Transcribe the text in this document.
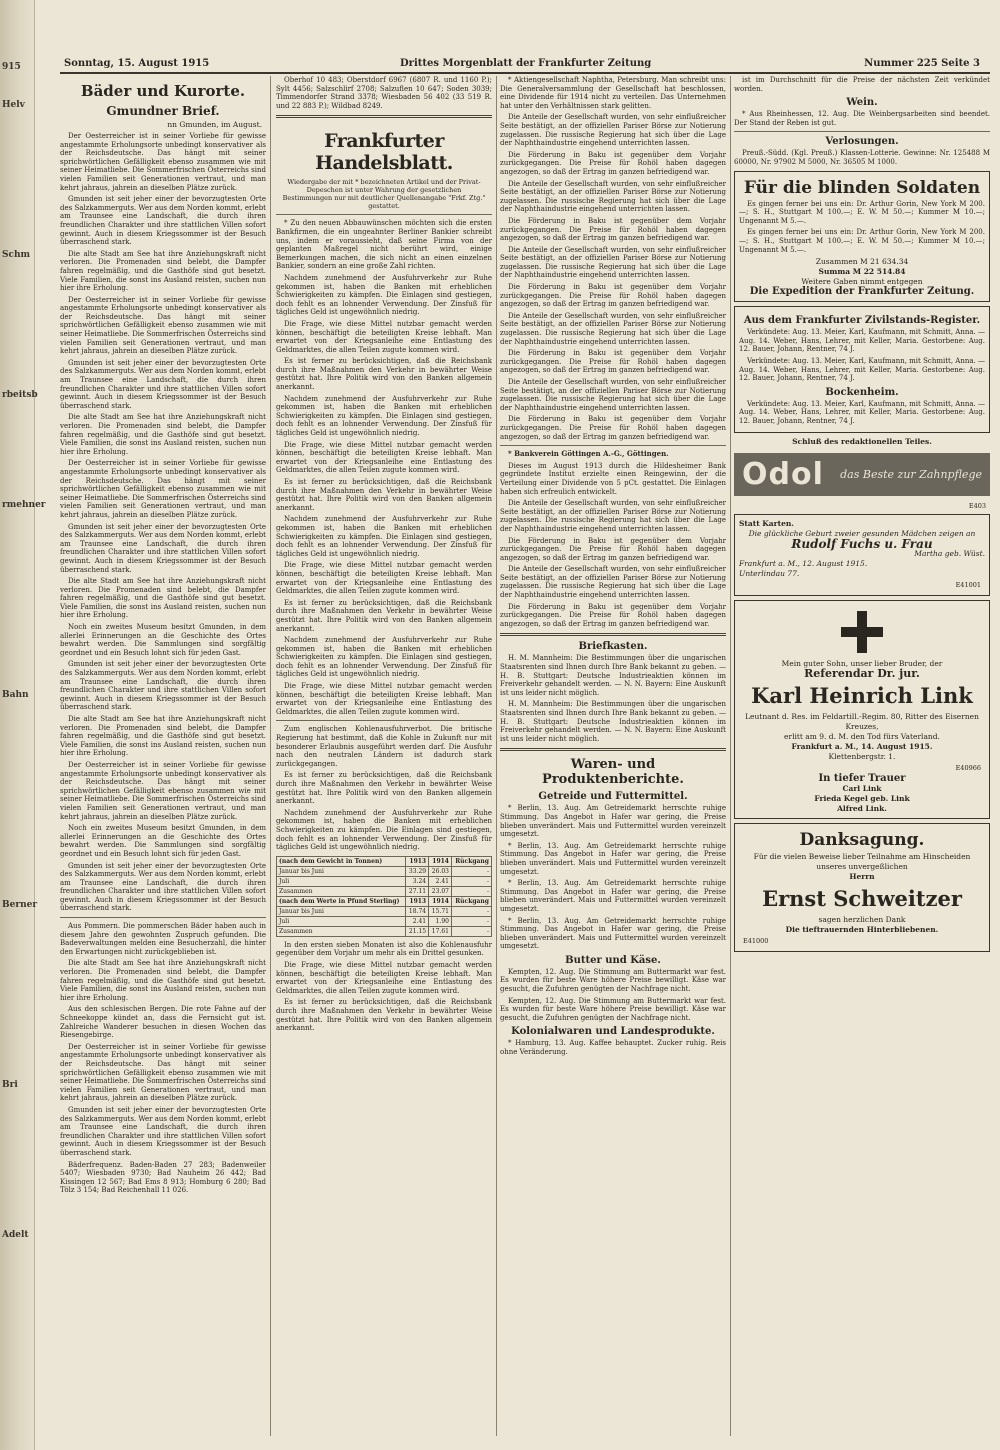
915
Helv
Schm
rbeitsb
rmehner
Bahn
Berner
Bri
Adelt
Sonntag, 15. August 1915	Drittes Morgenblatt der Frankfurter Zeitung	Nummer 225 Seite 3
Bäder und Kurorte.
Gmundner Brief.
nn Gmunden, im August.

Der Oesterreicher ist in seiner Vorliebe für gewisse angestammte Erholungsorte unbedingt konservativer als der Reichsdeutsche. Das hängt mit seiner sprichwörtlichen Gefälligkeit ebenso zusammen wie mit seiner Heimatliebe. Die Sommerfrischen Österreichs sind vielen Familien seit Generationen vertraut, und man kehrt jahraus, jahrein an dieselben Plätze zurück.

Gmunden ist seit jeher einer der bevorzugtesten Orte des Salzkammerguts. Wer aus dem Norden kommt, erlebt am Traunsee eine Landschaft, die durch ihren freundlichen Charakter und ihre stattlichen Villen sofort gewinnt. Auch in diesem Kriegssommer ist der Besuch überraschend stark.

Die alte Stadt am See hat ihre Anziehungskraft nicht verloren. Die Promenaden sind belebt, die Dampfer fahren regelmäßig, und die Gasthöfe sind gut besetzt. Viele Familien, die sonst ins Ausland reisten, suchen nun hier ihre Erholung.

Der Oesterreicher ist in seiner Vorliebe für gewisse angestammte Erholungsorte unbedingt konservativer als der Reichsdeutsche. Das hängt mit seiner sprichwörtlichen Gefälligkeit ebenso zusammen wie mit seiner Heimatliebe. Die Sommerfrischen Österreichs sind vielen Familien seit Generationen vertraut, und man kehrt jahraus, jahrein an dieselben Plätze zurück.

Gmunden ist seit jeher einer der bevorzugtesten Orte des Salzkammerguts. Wer aus dem Norden kommt, erlebt am Traunsee eine Landschaft, die durch ihren freundlichen Charakter und ihre stattlichen Villen sofort gewinnt. Auch in diesem Kriegssommer ist der Besuch überraschend stark.

Die alte Stadt am See hat ihre Anziehungskraft nicht verloren. Die Promenaden sind belebt, die Dampfer fahren regelmäßig, und die Gasthöfe sind gut besetzt. Viele Familien, die sonst ins Ausland reisten, suchen nun hier ihre Erholung.

Der Oesterreicher ist in seiner Vorliebe für gewisse angestammte Erholungsorte unbedingt konservativer als der Reichsdeutsche. Das hängt mit seiner sprichwörtlichen Gefälligkeit ebenso zusammen wie mit seiner Heimatliebe. Die Sommerfrischen Österreichs sind vielen Familien seit Generationen vertraut, und man kehrt jahraus, jahrein an dieselben Plätze zurück.

Gmunden ist seit jeher einer der bevorzugtesten Orte des Salzkammerguts. Wer aus dem Norden kommt, erlebt am Traunsee eine Landschaft, die durch ihren freundlichen Charakter und ihre stattlichen Villen sofort gewinnt. Auch in diesem Kriegssommer ist der Besuch überraschend stark.

Die alte Stadt am See hat ihre Anziehungskraft nicht verloren. Die Promenaden sind belebt, die Dampfer fahren regelmäßig, und die Gasthöfe sind gut besetzt. Viele Familien, die sonst ins Ausland reisten, suchen nun hier ihre Erholung.

Noch ein zweites Museum besitzt Gmunden, in dem allerlei Erinnerungen an die Geschichte des Ortes bewahrt werden. Die Sammlungen sind sorgfältig geordnet und ein Besuch lohnt sich für jeden Gast.

Gmunden ist seit jeher einer der bevorzugtesten Orte des Salzkammerguts. Wer aus dem Norden kommt, erlebt am Traunsee eine Landschaft, die durch ihren freundlichen Charakter und ihre stattlichen Villen sofort gewinnt. Auch in diesem Kriegssommer ist der Besuch überraschend stark.

Die alte Stadt am See hat ihre Anziehungskraft nicht verloren. Die Promenaden sind belebt, die Dampfer fahren regelmäßig, und die Gasthöfe sind gut besetzt. Viele Familien, die sonst ins Ausland reisten, suchen nun hier ihre Erholung.

Der Oesterreicher ist in seiner Vorliebe für gewisse angestammte Erholungsorte unbedingt konservativer als der Reichsdeutsche. Das hängt mit seiner sprichwörtlichen Gefälligkeit ebenso zusammen wie mit seiner Heimatliebe. Die Sommerfrischen Österreichs sind vielen Familien seit Generationen vertraut, und man kehrt jahraus, jahrein an dieselben Plätze zurück.

Noch ein zweites Museum besitzt Gmunden, in dem allerlei Erinnerungen an die Geschichte des Ortes bewahrt werden. Die Sammlungen sind sorgfältig geordnet und ein Besuch lohnt sich für jeden Gast.

Gmunden ist seit jeher einer der bevorzugtesten Orte des Salzkammerguts. Wer aus dem Norden kommt, erlebt am Traunsee eine Landschaft, die durch ihren freundlichen Charakter und ihre stattlichen Villen sofort gewinnt. Auch in diesem Kriegssommer ist der Besuch überraschend stark.

Aus Pommern. Die pommerschen Bäder haben auch in diesem Jahre den gewohnten Zuspruch gefunden. Die Badeverwaltungen melden eine Besucherzahl, die hinter den Erwartungen nicht zurückgeblieben ist.

Die alte Stadt am See hat ihre Anziehungskraft nicht verloren. Die Promenaden sind belebt, die Dampfer fahren regelmäßig, und die Gasthöfe sind gut besetzt. Viele Familien, die sonst ins Ausland reisten, suchen nun hier ihre Erholung.

Aus den schlesischen Bergen. Die rote Fahne auf der Schneekoppe kündet an, dass die Fernsicht gut ist. Zahlreiche Wanderer besuchen in diesen Wochen das Riesengebirge.

Der Oesterreicher ist in seiner Vorliebe für gewisse angestammte Erholungsorte unbedingt konservativer als der Reichsdeutsche. Das hängt mit seiner sprichwörtlichen Gefälligkeit ebenso zusammen wie mit seiner Heimatliebe. Die Sommerfrischen Österreichs sind vielen Familien seit Generationen vertraut, und man kehrt jahraus, jahrein an dieselben Plätze zurück.

Gmunden ist seit jeher einer der bevorzugtesten Orte des Salzkammerguts. Wer aus dem Norden kommt, erlebt am Traunsee eine Landschaft, die durch ihren freundlichen Charakter und ihre stattlichen Villen sofort gewinnt. Auch in diesem Kriegssommer ist der Besuch überraschend stark.

Bäderfrequenz. Baden-Baden 27 283; Badenweiler 5407; Wiesbaden 9730; Bad Nauheim 26 442; Bad Kissingen 12 567; Bad Ems 8 913; Homburg 6 280; Bad Tölz 3 154; Bad Reichenhall 11 026.

Oberhof 10 483; Oberstdorf 6967 (6807 R. und 1160 P.); Sylt 4456; Salzschlirf 2708; Salzuflen 10 647; Soden 3039; Timmendorfer Strand 3378; Wiesbaden 56 402 (33 519 R. und 22 883 P.); Wildbad 8249.

Frankfurter Handelsblatt.
Wiedergabe der mit * bezeichneten Artikel und der Privat-Depeschen ist unter Wahrung der gesetzlichen Bestimmungen nur mit deutlicher Quellenangabe "Frkf. Ztg." gestattet.

* Zu den neuen Abbauwünschen möchten sich die ersten Bankfirmen, die ein ungeahnter Berliner Bankier schreibt uns, indem er voraussieht, daß seine Firma von der geplanten Maßregel nicht berührt wird, einige Bemerkungen machen, die sich nicht an einen einzelnen Bankier, sondern an eine große Zahl richten.

Nachdem zunehmend der Ausfuhrverkehr zur Ruhe gekommen ist, haben die Banken mit erheblichen Schwierigkeiten zu kämpfen. Die Einlagen sind gestiegen, doch fehlt es an lohnender Verwendung. Der Zinsfuß für tägliches Geld ist ungewöhnlich niedrig.

Die Frage, wie diese Mittel nutzbar gemacht werden können, beschäftigt die beteiligten Kreise lebhaft. Man erwartet von der Kriegsanleihe eine Entlastung des Geldmarktes, die allen Teilen zugute kommen wird.

Es ist ferner zu berücksichtigen, daß die Reichsbank durch ihre Maßnahmen den Verkehr in bewährter Weise gestützt hat. Ihre Politik wird von den Banken allgemein anerkannt.

Nachdem zunehmend der Ausfuhrverkehr zur Ruhe gekommen ist, haben die Banken mit erheblichen Schwierigkeiten zu kämpfen. Die Einlagen sind gestiegen, doch fehlt es an lohnender Verwendung. Der Zinsfuß für tägliches Geld ist ungewöhnlich niedrig.

Die Frage, wie diese Mittel nutzbar gemacht werden können, beschäftigt die beteiligten Kreise lebhaft. Man erwartet von der Kriegsanleihe eine Entlastung des Geldmarktes, die allen Teilen zugute kommen wird.

Es ist ferner zu berücksichtigen, daß die Reichsbank durch ihre Maßnahmen den Verkehr in bewährter Weise gestützt hat. Ihre Politik wird von den Banken allgemein anerkannt.

Nachdem zunehmend der Ausfuhrverkehr zur Ruhe gekommen ist, haben die Banken mit erheblichen Schwierigkeiten zu kämpfen. Die Einlagen sind gestiegen, doch fehlt es an lohnender Verwendung. Der Zinsfuß für tägliches Geld ist ungewöhnlich niedrig.

Die Frage, wie diese Mittel nutzbar gemacht werden können, beschäftigt die beteiligten Kreise lebhaft. Man erwartet von der Kriegsanleihe eine Entlastung des Geldmarktes, die allen Teilen zugute kommen wird.

Es ist ferner zu berücksichtigen, daß die Reichsbank durch ihre Maßnahmen den Verkehr in bewährter Weise gestützt hat. Ihre Politik wird von den Banken allgemein anerkannt.

Nachdem zunehmend der Ausfuhrverkehr zur Ruhe gekommen ist, haben die Banken mit erheblichen Schwierigkeiten zu kämpfen. Die Einlagen sind gestiegen, doch fehlt es an lohnender Verwendung. Der Zinsfuß für tägliches Geld ist ungewöhnlich niedrig.

Die Frage, wie diese Mittel nutzbar gemacht werden können, beschäftigt die beteiligten Kreise lebhaft. Man erwartet von der Kriegsanleihe eine Entlastung des Geldmarktes, die allen Teilen zugute kommen wird.

Zum englischen Kohlenausfuhrverbot. Die britische Regierung hat bestimmt, daß die Kohle in Zukunft nur mit besonderer Erlaubnis ausgeführt werden darf. Die Ausfuhr nach den neutralen Ländern ist dadurch stark zurückgegangen.

Es ist ferner zu berücksichtigen, daß die Reichsbank durch ihre Maßnahmen den Verkehr in bewährter Weise gestützt hat. Ihre Politik wird von den Banken allgemein anerkannt.

Nachdem zunehmend der Ausfuhrverkehr zur Ruhe gekommen ist, haben die Banken mit erheblichen Schwierigkeiten zu kämpfen. Die Einlagen sind gestiegen, doch fehlt es an lohnender Verwendung. Der Zinsfuß für tägliches Geld ist ungewöhnlich niedrig.

(nach dem Gewicht in Tonnen)	1913	1914	Rückgang
Januar bis Juni	33.29	26.03	-
Juli	3.24	2.41	-
Zusammen	27.11	23.07	-
(nach dem Werte in Pfund Sterling)	1913	1914	Rückgang
Januar bis Juni	18.74	15.71	-
Juli	2.41	1.90	-
Zusammen	21.15	17.61	-

In den ersten sieben Monaten ist also die Kohlenausfuhr gegenüber dem Vorjahr um mehr als ein Drittel gesunken.

Die Frage, wie diese Mittel nutzbar gemacht werden können, beschäftigt die beteiligten Kreise lebhaft. Man erwartet von der Kriegsanleihe eine Entlastung des Geldmarktes, die allen Teilen zugute kommen wird.

Es ist ferner zu berücksichtigen, daß die Reichsbank durch ihre Maßnahmen den Verkehr in bewährter Weise gestützt hat. Ihre Politik wird von den Banken allgemein anerkannt.

* Aktiengesellschaft Naphtha, Petersburg. Man schreibt uns: Die Generalversammlung der Gesellschaft hat beschlossen, eine Dividende für 1914 nicht zu verteilen. Das Unternehmen hat unter den Verhältnissen stark gelitten.

Die Anteile der Gesellschaft wurden, von sehr einflußreicher Seite bestätigt, an der offiziellen Pariser Börse zur Notierung zugelassen. Die russische Regierung hat sich über die Lage der Naphthaindustrie eingehend unterrichten lassen.

Die Förderung in Baku ist gegenüber dem Vorjahr zurückgegangen. Die Preise für Rohöl haben dagegen angezogen, so daß der Ertrag im ganzen befriedigend war.

Die Anteile der Gesellschaft wurden, von sehr einflußreicher Seite bestätigt, an der offiziellen Pariser Börse zur Notierung zugelassen. Die russische Regierung hat sich über die Lage der Naphthaindustrie eingehend unterrichten lassen.

Die Förderung in Baku ist gegenüber dem Vorjahr zurückgegangen. Die Preise für Rohöl haben dagegen angezogen, so daß der Ertrag im ganzen befriedigend war.

Die Anteile der Gesellschaft wurden, von sehr einflußreicher Seite bestätigt, an der offiziellen Pariser Börse zur Notierung zugelassen. Die russische Regierung hat sich über die Lage der Naphthaindustrie eingehend unterrichten lassen.

Die Förderung in Baku ist gegenüber dem Vorjahr zurückgegangen. Die Preise für Rohöl haben dagegen angezogen, so daß der Ertrag im ganzen befriedigend war.

Die Anteile der Gesellschaft wurden, von sehr einflußreicher Seite bestätigt, an der offiziellen Pariser Börse zur Notierung zugelassen. Die russische Regierung hat sich über die Lage der Naphthaindustrie eingehend unterrichten lassen.

Die Förderung in Baku ist gegenüber dem Vorjahr zurückgegangen. Die Preise für Rohöl haben dagegen angezogen, so daß der Ertrag im ganzen befriedigend war.

Die Anteile der Gesellschaft wurden, von sehr einflußreicher Seite bestätigt, an der offiziellen Pariser Börse zur Notierung zugelassen. Die russische Regierung hat sich über die Lage der Naphthaindustrie eingehend unterrichten lassen.

Die Förderung in Baku ist gegenüber dem Vorjahr zurückgegangen. Die Preise für Rohöl haben dagegen angezogen, so daß der Ertrag im ganzen befriedigend war.

* Bankverein Göttingen A.-G., Göttingen.

Dieses im August 1913 durch die Hildesheimer Bank gegründete Institut erzielte einen Reingewinn, der die Verteilung einer Dividende von 5 pCt. gestattet. Die Einlagen haben sich erfreulich entwickelt.

Die Anteile der Gesellschaft wurden, von sehr einflußreicher Seite bestätigt, an der offiziellen Pariser Börse zur Notierung zugelassen. Die russische Regierung hat sich über die Lage der Naphthaindustrie eingehend unterrichten lassen.

Die Förderung in Baku ist gegenüber dem Vorjahr zurückgegangen. Die Preise für Rohöl haben dagegen angezogen, so daß der Ertrag im ganzen befriedigend war.

Die Anteile der Gesellschaft wurden, von sehr einflußreicher Seite bestätigt, an der offiziellen Pariser Börse zur Notierung zugelassen. Die russische Regierung hat sich über die Lage der Naphthaindustrie eingehend unterrichten lassen.

Die Förderung in Baku ist gegenüber dem Vorjahr zurückgegangen. Die Preise für Rohöl haben dagegen angezogen, so daß der Ertrag im ganzen befriedigend war.

Briefkasten.

H. M. Mannheim: Die Bestimmungen über die ungarischen Staatsrenten sind Ihnen durch Ihre Bank bekannt zu geben. — H. B. Stuttgart: Deutsche Industrieaktien können im Freiverkehr gehandelt werden. — N. N. Bayern: Eine Auskunft ist uns leider nicht möglich.

H. M. Mannheim: Die Bestimmungen über die ungarischen Staatsrenten sind Ihnen durch Ihre Bank bekannt zu geben. — H. B. Stuttgart: Deutsche Industrieaktien können im Freiverkehr gehandelt werden. — N. N. Bayern: Eine Auskunft ist uns leider nicht möglich.

Waren- und Produktenberichte.
Getreide und Futtermittel.

* Berlin, 13. Aug. Am Getreidemarkt herrschte ruhige Stimmung. Das Angebot in Hafer war gering, die Preise blieben unverändert. Mais und Futtermittel wurden vereinzelt umgesetzt.

* Berlin, 13. Aug. Am Getreidemarkt herrschte ruhige Stimmung. Das Angebot in Hafer war gering, die Preise blieben unverändert. Mais und Futtermittel wurden vereinzelt umgesetzt.

* Berlin, 13. Aug. Am Getreidemarkt herrschte ruhige Stimmung. Das Angebot in Hafer war gering, die Preise blieben unverändert. Mais und Futtermittel wurden vereinzelt umgesetzt.

* Berlin, 13. Aug. Am Getreidemarkt herrschte ruhige Stimmung. Das Angebot in Hafer war gering, die Preise blieben unverändert. Mais und Futtermittel wurden vereinzelt umgesetzt.

Butter und Käse.

Kempten, 12. Aug. Die Stimmung am Buttermarkt war fest. Es wurden für beste Ware höhere Preise bewilligt. Käse war gesucht, die Zufuhren genügten der Nachfrage nicht.

Kempten, 12. Aug. Die Stimmung am Buttermarkt war fest. Es wurden für beste Ware höhere Preise bewilligt. Käse war gesucht, die Zufuhren genügten der Nachfrage nicht.

Kolonialwaren und Landesprodukte.

* Hamburg, 13. Aug. Kaffee behauptet. Zucker ruhig. Reis ohne Veränderung.

ist im Durchschnitt für die Preise der nächsten Zeit verkündet worden.

Wein.

* Aus Rheinhessen, 12. Aug. Die Weinbergsarbeiten sind beendet. Der Stand der Reben ist gut.

Verlosungen.

Preuß.-Südd. (Kgl. Preuß.) Klassen-Lotterie. Gewinne: Nr. 125488 M 60000, Nr. 97902 M 5000, Nr. 36505 M 1000.

Für die blinden Soldaten

Es gingen ferner bei uns ein: Dr. Arthur Gorin, New York M 200.—; S. H., Stuttgart M 100.—; E. W. M 50.—; Kummer M 10.—; Ungenannt M 5.—.

Es gingen ferner bei uns ein: Dr. Arthur Gorin, New York M 200.—; S. H., Stuttgart M 100.—; E. W. M 50.—; Kummer M 10.—; Ungenannt M 5.—.

Zusammen M 21 634.34
Summa M 22 514.84
Weitere Gaben nimmt entgegen
Die Expedition der Frankfurter Zeitung.
Aus dem Frankfurter Zivilstands-Register.

Verkündete: Aug. 13. Meier, Karl, Kaufmann, mit Schmitt, Anna. — Aug. 14. Weber, Hans, Lehrer, mit Keller, Maria. Gestorbene: Aug. 12. Bauer, Johann, Rentner, 74 J.

Verkündete: Aug. 13. Meier, Karl, Kaufmann, mit Schmitt, Anna. — Aug. 14. Weber, Hans, Lehrer, mit Keller, Maria. Gestorbene: Aug. 12. Bauer, Johann, Rentner, 74 J.

Bockenheim.

Verkündete: Aug. 13. Meier, Karl, Kaufmann, mit Schmitt, Anna. — Aug. 14. Weber, Hans, Lehrer, mit Keller, Maria. Gestorbene: Aug. 12. Bauer, Johann, Rentner, 74 J.

Schluß des redaktionellen Teiles.
Odol das Beste zur Zahnpflege
E403
Statt Karten.
Die glückliche Geburt zweier gesunden Mädchen zeigen an
Rudolf Fuchs u. Frau
Martha geb. Wüst.
Frankfurt a. M., 12. August 1915.
Unterlindau 77.
E41001
Mein guter Sohn, unser lieber Bruder, der
Referendar Dr. jur.
Karl Heinrich Link
Leutnant d. Res. im Feldartill.-Regim. 80, Ritter des Eisernen Kreuzes,
erlitt am 9. d. M. den Tod fürs Vaterland.
Frankfurt a. M., 14. August 1915.
Klettenbergstr. 1.
E40966
In tiefer Trauer
Carl Link
Frieda Kegel geb. Link
Alfred Link.
Danksagung.
Für die vielen Beweise lieber Teilnahme am Hinscheiden unseres unvergeßlichen
Herrn
Ernst Schweitzer
sagen herzlichen Dank
Die tieftrauernden Hinterbliebenen.
E41000
